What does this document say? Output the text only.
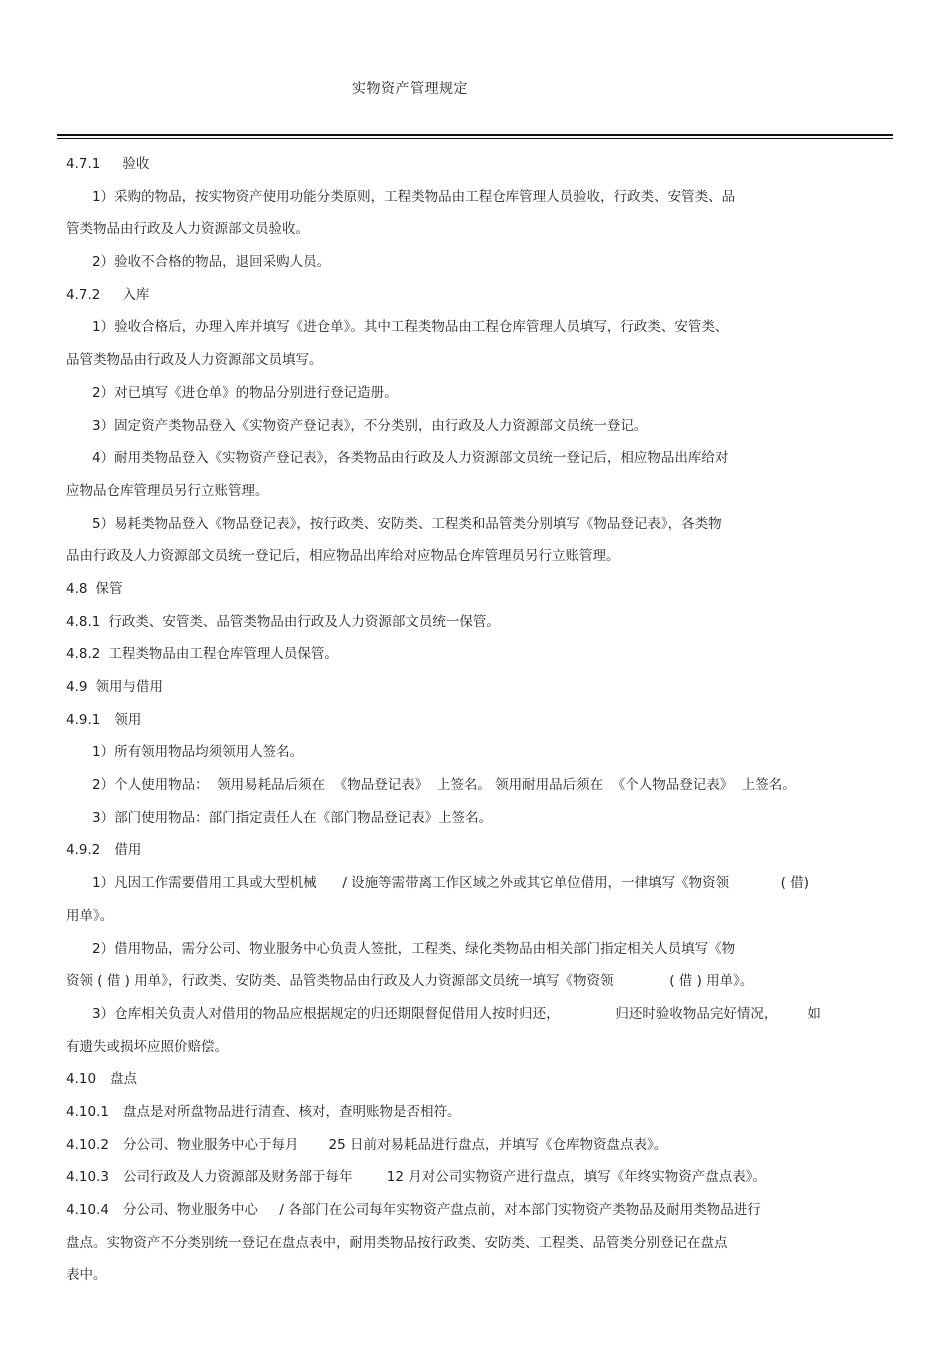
实物资产管理规定
4.7.1 验收
1）采购的物品，按实物资产使用功能分类原则，工程类物品由工程仓库管理人员验收，行政类、安管类、品
管类物品由行政及人力资源部文员验收。
2）验收不合格的物品，退回采购人员。
4.7.2 入库
1）验收合格后，办理入库并填写《进仓单》。其中工程类物品由工程仓库管理人员填写，行政类、安管类、
品管类物品由行政及人力资源部文员填写。
2）对已填写《进仓单》的物品分别进行登记造册。
3）固定资产类物品登入《实物资产登记表》，不分类别，由行政及人力资源部文员统一登记。
4）耐用类物品登入《实物资产登记表》，各类物品由行政及人力资源部文员统一登记后，相应物品出库给对
应物品仓库管理员另行立账管理。
5）易耗类物品登入《物品登记表》，按行政类、安防类、工程类和品管类分别填写《物品登记表》，各类物
品由行政及人力资源部文员统一登记后，相应物品出库给对应物品仓库管理员另行立账管理。
4.8 保管
4.8.1 行政类、安管类、品管类物品由行政及人力资源部文员统一保管。
4.8.2 工程类物品由工程仓库管理人员保管。
4.9 领用与借用
4.9.1 领用
1）所有领用物品均须领用人签名。
2）个人使用物品：  领用易耗品后须在  《物品登记表》  上签名。 领用耐用品后须在  《个人物品登记表》  上签名。
3）部门使用物品：部门指定责任人在《部门物品登记表》上签名。
4.9.2 借用
1）凡因工作需要借用工具或大型机械      / 设施等需带离工作区域之外或其它单位借用，一律填写《物资领            ( 借)
用单》。
2）借用物品，需分公司、物业服务中心负责人签批，工程类、绿化类物品由相关部门指定相关人员填写《物
资领 ( 借 ) 用单》，行政类、安防类、品管类物品由行政及人力资源部文员统一填写《物资领             ( 借 ) 用单》。
3）仓库相关负责人对借用的物品应根据规定的归还期限督促借用人按时归还，             归还时验收物品完好情况，       如
有遗失或损坏应照价赔偿。
4.10 盘点
4.10.1 盘点是对所盘物品进行清查、核对，查明账物是否相符。
4.10.2 分公司、物业服务中心于每月       25 日前对易耗品进行盘点，并填写《仓库物资盘点表》。
4.10.3 公司行政及人力资源部及财务部于每年        12 月对公司实物资产进行盘点，填写《年终实物资产盘点表》。
4.10.4 分公司、物业服务中心     / 各部门在公司每年实物资产盘点前，对本部门实物资产类物品及耐用类物品进行
盘点。实物资产不分类别统一登记在盘点表中，耐用类物品按行政类、安防类、工程类、品管类分别登记在盘点
表中。
